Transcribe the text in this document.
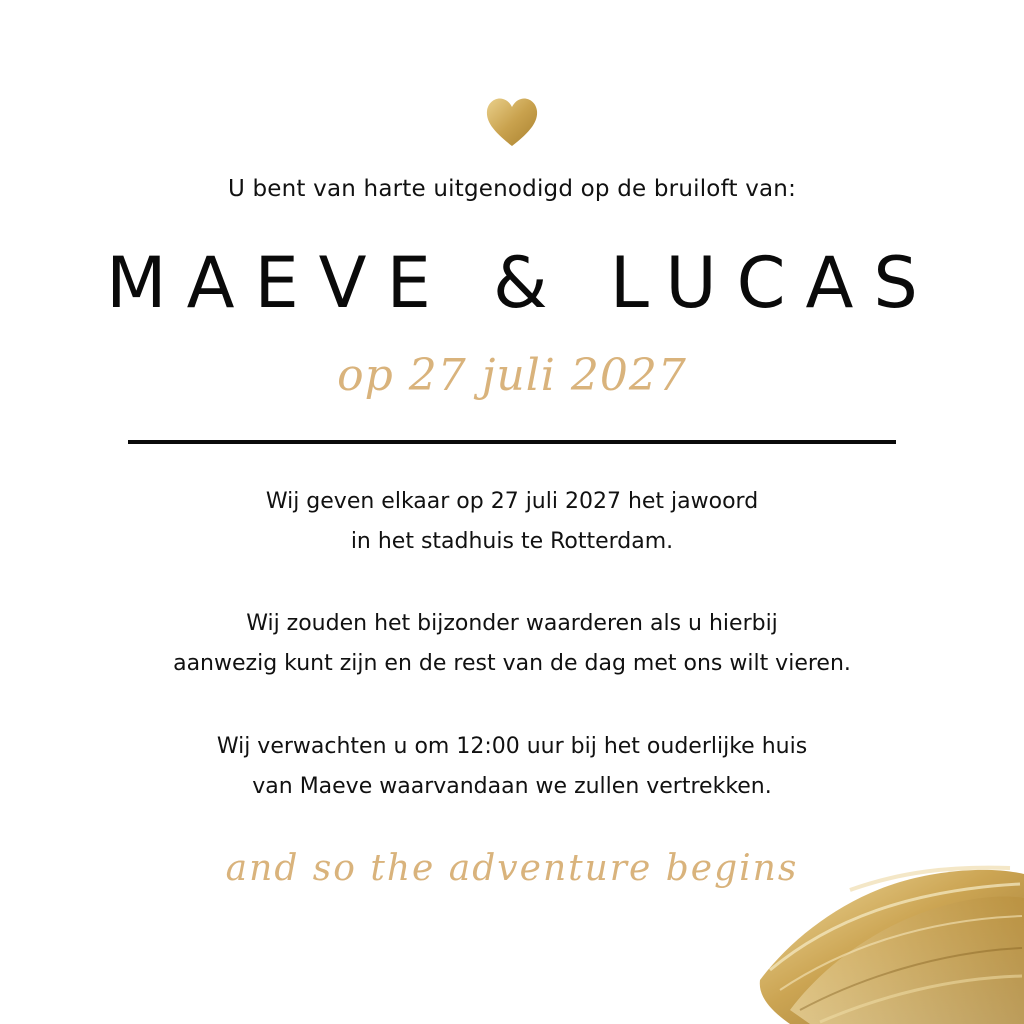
U bent van harte uitgenodigd op de bruiloft van:
MAEVE & LUCAS
op 27 juli 2027
Wij geven elkaar op 27 juli 2027 het jawoord
in het stadhuis te Rotterdam.
Wij zouden het bijzonder waarderen als u hierbij
aanwezig kunt zijn en de rest van de dag met ons wilt vieren.
Wij verwachten u om 12:00 uur bij het ouderlijke huis
van Maeve waarvandaan we zullen vertrekken.
and so the adventure begins
